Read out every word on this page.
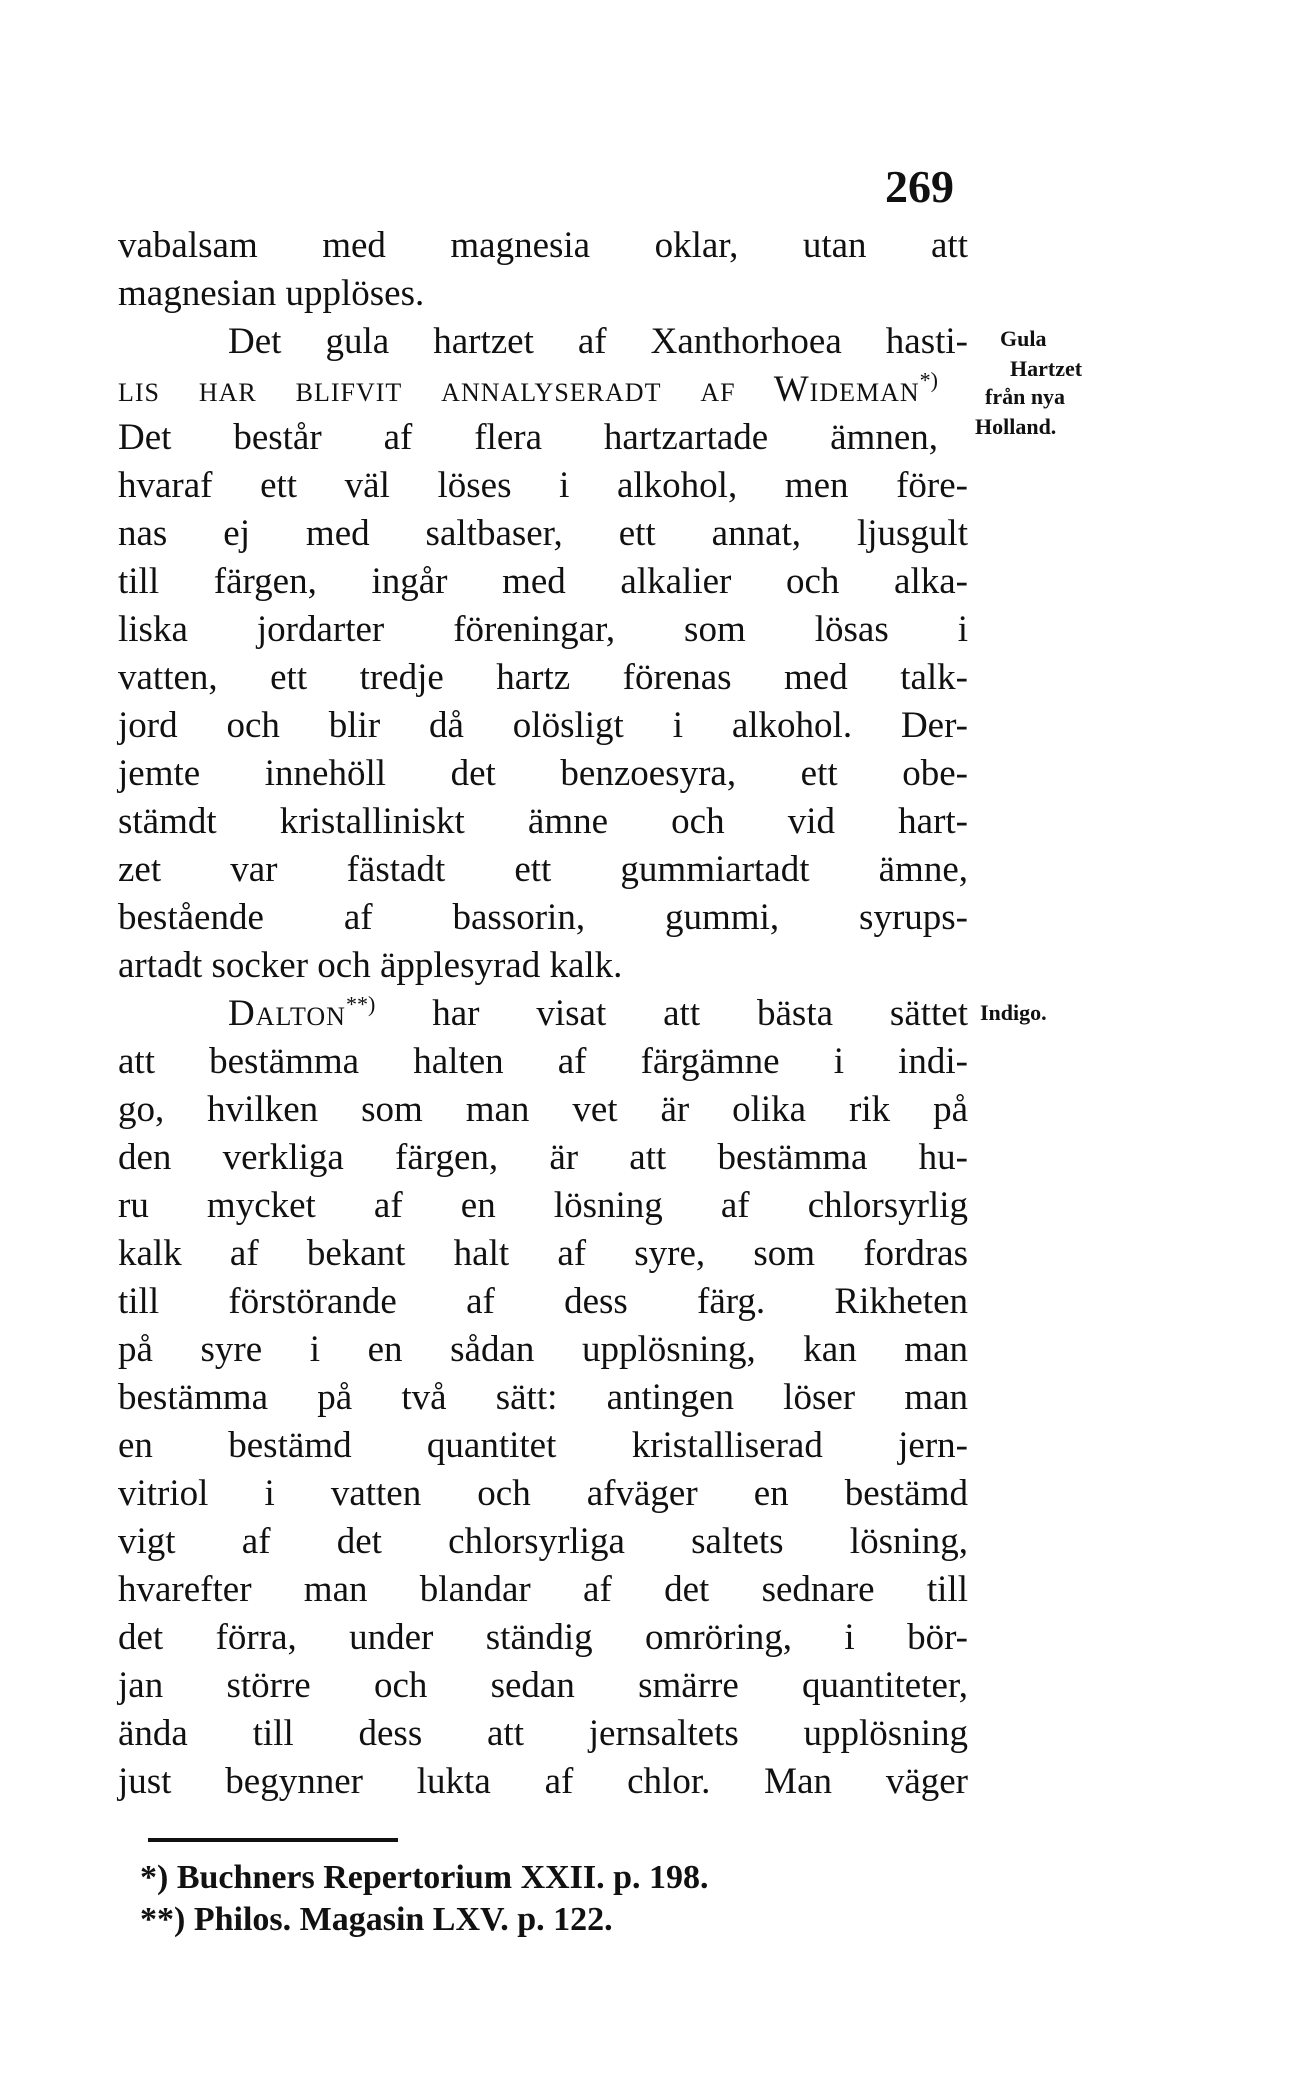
269
vabalsam med magnesia oklar, utan att
magnesian upplöses.
Det gula hartzet af Xanthorhoea hasti-
lis har blifvit annalyseradt af Wideman*)
Det består af flera hartzartade ämnen,
hvaraf ett väl löses i alkohol, men före-
nas ej med saltbaser, ett annat, ljusgult
till färgen, ingår med alkalier och alka-
liska jordarter föreningar, som lösas i
vatten, ett tredje hartz förenas med talk-
jord och blir då olösligt i alkohol. Der-
jemte innehöll det benzoesyra, ett obe-
stämdt kristalliniskt ämne och vid hart-
zet var fästadt ett gummiartadt ämne,
bestående af bassorin, gummi, syrups-
artadt socker och äpplesyrad kalk.
Dalton**) har visat att bästa sättet
att bestämma halten af färgämne i indi-
go, hvilken som man vet är olika rik på
den verkliga färgen, är att bestämma hu-
ru mycket af en lösning af chlorsyrlig
kalk af bekant halt af syre, som fordras
till förstörande af dess färg. Rikheten
på syre i en sådan upplösning, kan man
bestämma på två sätt: antingen löser man
en bestämd quantitet kristalliserad jern-
vitriol i vatten och afväger en bestämd
vigt af det chlorsyrliga saltets lösning,
hvarefter man blandar af det sednare till
det förra, under ständig omröring, i bör-
jan större och sedan smärre quantiteter,
ända till dess att jernsaltets upplösning
just begynner lukta af chlor. Man väger
Gula
Hartzet
från nya
Holland.
Indigo.
*) Buchners Repertorium XXII. p. 198.
**) Philos. Magasin LXV. p. 122.
